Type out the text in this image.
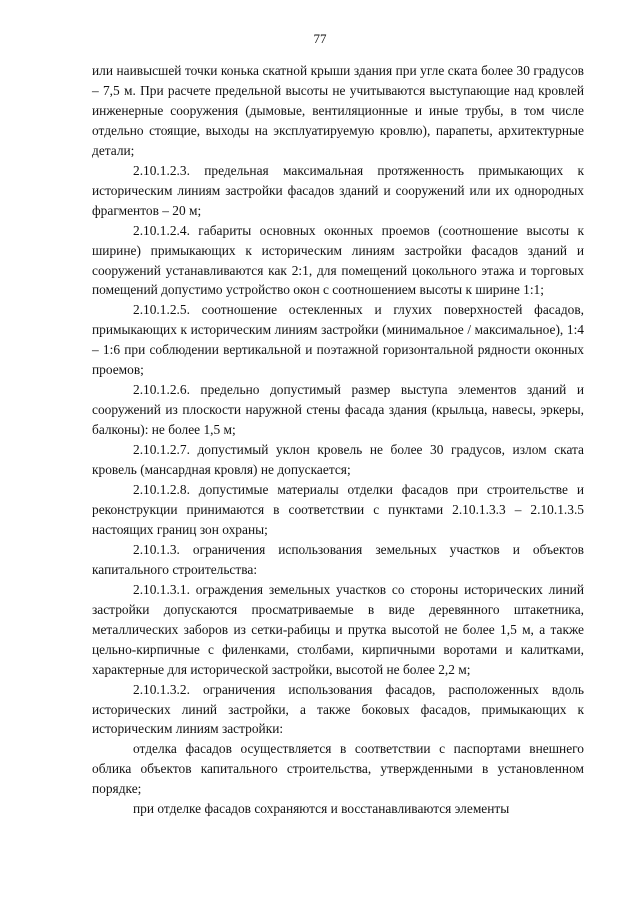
77

или наивысшей точки конька скатной крыши здания при угле ската более 30 градусов – 7,5 м. При расчете предельной высоты не учитываются выступающие над кровлей инженерные сооружения (дымовые, вентиляционные и иные трубы, в том числе отдельно стоящие, выходы на эксплуатируемую кровлю), парапеты, архитектурные детали;

2.10.1.2.3. предельная максимальная протяженность примыкающих к историческим линиям застройки фасадов зданий и сооружений или их однородных фрагментов – 20 м;

2.10.1.2.4. габариты основных оконных проемов (соотношение высоты к ширине) примыкающих к историческим линиям застройки фасадов зданий и сооружений устанавливаются как 2:1, для помещений цокольного этажа и торговых помещений допустимо устройство окон с соотношением высоты к ширине 1:1;

2.10.1.2.5. соотношение остекленных и глухих поверхностей фасадов, примыкающих к историческим линиям застройки (минимальное / максимальное), 1:4 – 1:6 при соблюдении вертикальной и поэтажной горизонтальной рядности оконных проемов;

2.10.1.2.6. предельно допустимый размер выступа элементов зданий и сооружений из плоскости наружной стены фасада здания (крыльца, навесы, эркеры, балконы): не более 1,5 м;

2.10.1.2.7. допустимый уклон кровель не более 30 градусов, излом ската кровель (мансардная кровля) не допускается;

2.10.1.2.8. допустимые материалы отделки фасадов при строительстве и реконструкции принимаются в соответствии с пунктами 2.10.1.3.3 – 2.10.1.3.5 настоящих границ зон охраны;

2.10.1.3. ограничения использования земельных участков и объектов капитального строительства:

2.10.1.3.1. ограждения земельных участков со стороны исторических линий застройки допускаются просматриваемые в виде деревянного штакетника, металлических заборов из сетки-рабицы и прутка высотой не более 1,5 м, а также цельно-кирпичные с филенками, столбами, кирпичными воротами и калитками, характерные для исторической застройки, высотой не более 2,2 м;

2.10.1.3.2. ограничения использования фасадов, расположенных вдоль исторических линий застройки, а также боковых фасадов, примыкающих к историческим линиям застройки:

отделка фасадов осуществляется в соответствии с паспортами внешнего облика объектов капитального строительства, утвержденными в установленном порядке;

при отделке фасадов сохраняются и восстанавливаются элементы
